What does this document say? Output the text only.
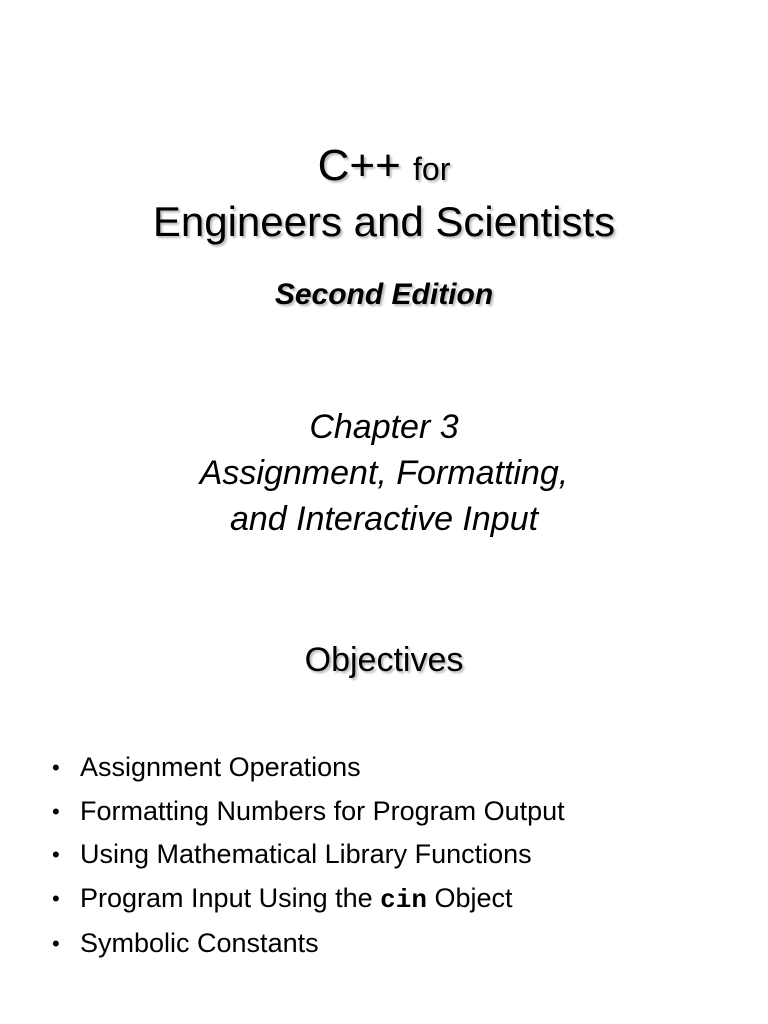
C++ for
Engineers and Scientists
Second Edition
Chapter 3
Assignment, Formatting,
and Interactive Input
Objectives
• Assignment Operations
• Formatting Numbers for Program Output
• Using Mathematical Library Functions
• Program Input Using the cin Object
• Symbolic Constants
